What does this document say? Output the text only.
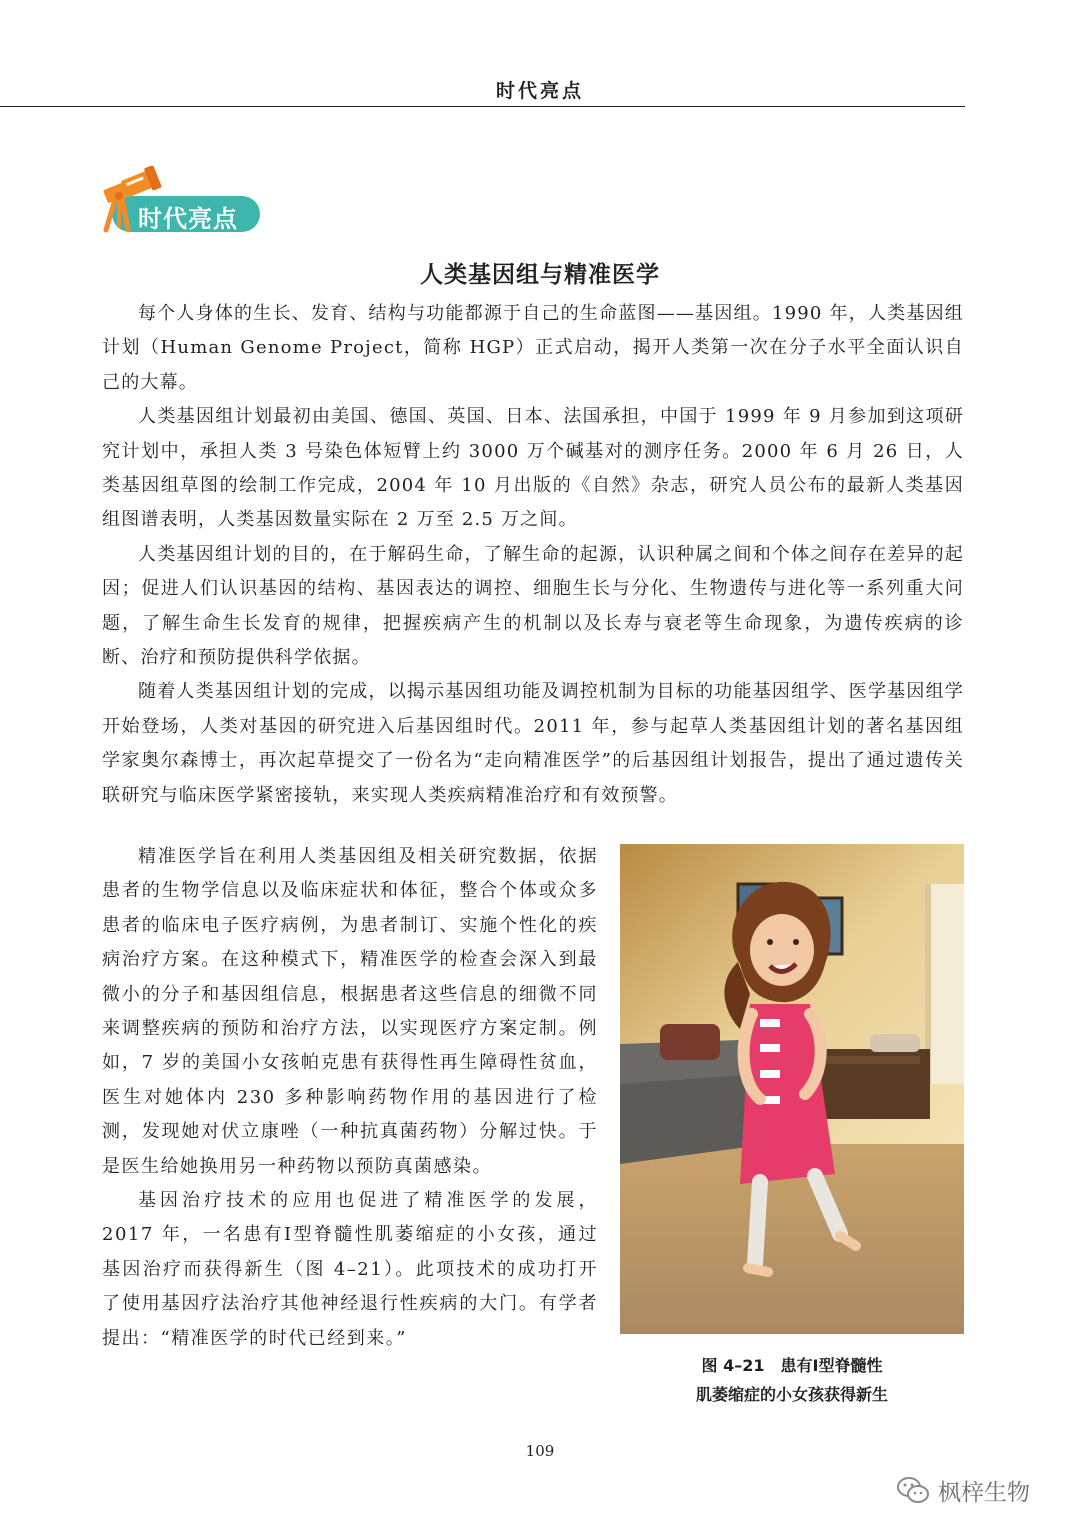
时代亮点
时代亮点
人类基因组与精准医学

每个人身体的生长、发育、结构与功能都源于自己的生命蓝图——基因组。1990 年，人类基因组计划（Human Genome Project，简称 HGP）正式启动，揭开人类第一次在分子水平全面认识自己的大幕。

人类基因组计划最初由美国、德国、英国、日本、法国承担，中国于 1999 年 9 月参加到这项研究计划中，承担人类 3 号染色体短臂上约 3000 万个碱基对的测序任务。2000 年 6 月 26 日，人类基因组草图的绘制工作完成，2004 年 10 月出版的《自然》杂志，研究人员公布的最新人类基因组图谱表明，人类基因数量实际在 2 万至 2.5 万之间。

人类基因组计划的目的，在于解码生命，了解生命的起源，认识种属之间和个体之间存在差异的起因；促进人们认识基因的结构、基因表达的调控、细胞生长与分化、生物遗传与进化等一系列重大问题，了解生命生长发育的规律，把握疾病产生的机制以及长寿与衰老等生命现象，为遗传疾病的诊断、治疗和预防提供科学依据。

随着人类基因组计划的完成，以揭示基因组功能及调控机制为目标的功能基因组学、医学基因组学开始登场，人类对基因的研究进入后基因组时代。2011 年，参与起草人类基因组计划的著名基因组学家奥尔森博士，再次起草提交了一份名为“走向精准医学”的后基因组计划报告，提出了通过遗传关联研究与临床医学紧密接轨，来实现人类疾病精准治疗和有效预警。

精准医学旨在利用人类基因组及相关研究数据，依据患者的生物学信息以及临床症状和体征，整合个体或众多患者的临床电子医疗病例，为患者制订、实施个性化的疾病治疗方案。在这种模式下，精准医学的检查会深入到最微小的分子和基因组信息，根据患者这些信息的细微不同来调整疾病的预防和治疗方法，以实现医疗方案定制。例如，7 岁的美国小女孩帕克患有获得性再生障碍性贫血，医生对她体内 230 多种影响药物作用的基因进行了检测，发现她对伏立康唑（一种抗真菌药物）分解过快。于是医生给她换用另一种药物以预防真菌感染。

基因治疗技术的应用也促进了精准医学的发展，2017 年，一名患有Ⅰ型脊髓性肌萎缩症的小女孩，通过基因治疗而获得新生（图 4–21）。此项技术的成功打开了使用基因疗法治疗其他神经退行性疾病的大门。有学者提出：“精准医学的时代已经到来。”

图 4–21　患有Ⅰ型脊髓性
肌萎缩症的小女孩获得新生
109
枫梓生物
